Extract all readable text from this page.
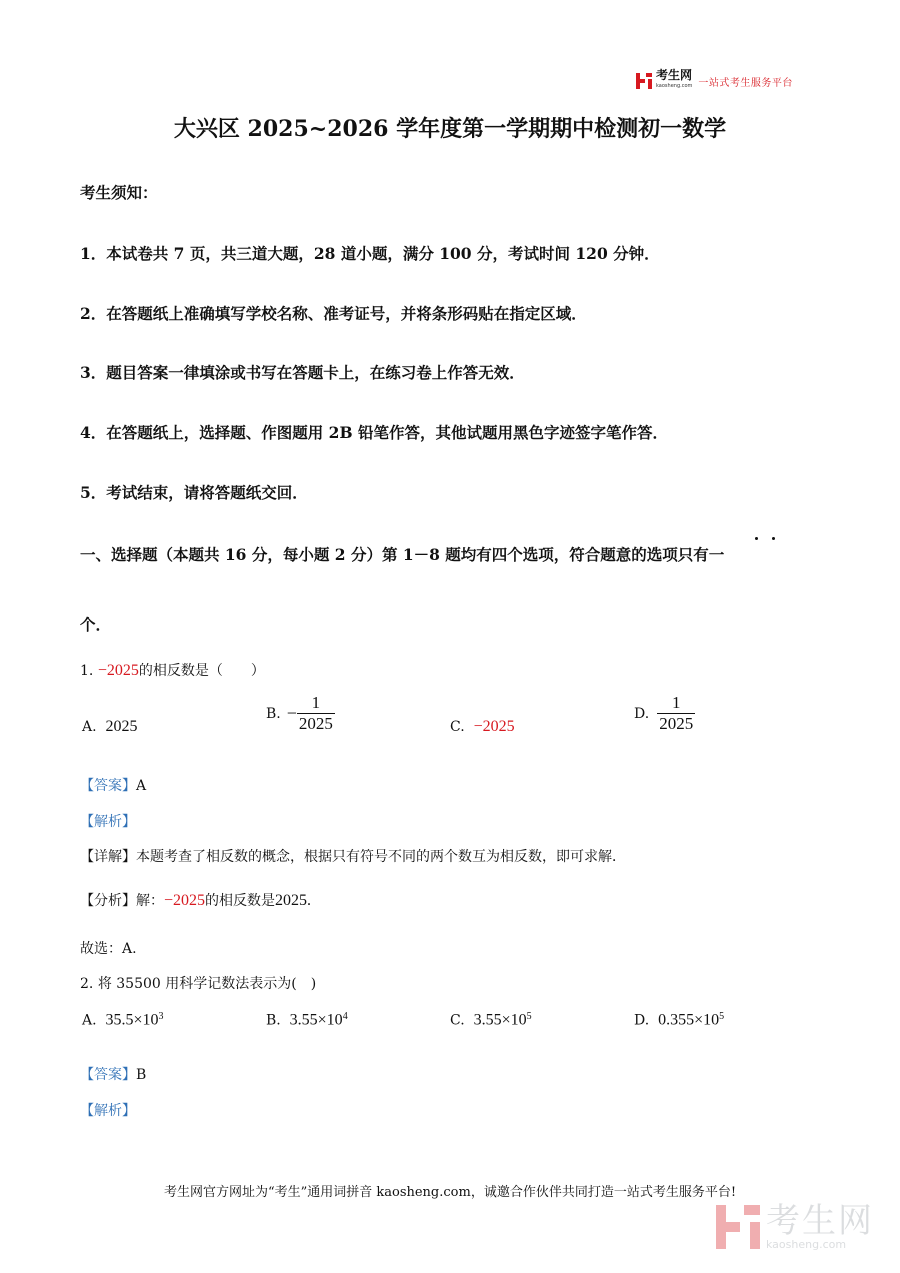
考生网
kaosheng.com 一站式考生服务平台
大兴区 2025~2026 学年度第一学期期中检测初一数学
考生须知：
1．本试卷共 7 页，共三道大题，28 道小题，满分 100 分，考试时间 120 分钟．
2．在答题纸上准确填写学校名称、准考证号，并将条形码贴在指定区域．
3．题目答案一律填涂或书写在答题卡上，在练习卷上作答无效．
4．在答题纸上，选择题、作图题用 2B 铅笔作答，其他试题用黑色字迹签字笔作答．
5．考试结束，请将答题纸交回．
一、选择题（本题共 16 分，每小题 2 分）第 1－8 题均有四个选项，符合题意的选项只有一
个．
1. −2025的相反数是（　　）
A. 2025
B. − $\frac{1}{2025}$	C. −2025
D. $\frac{1}{2025}$
【答案】A
【解析】
【详解】本题考查了相反数的概念，根据只有符号不同的两个数互为相反数，即可求解．
【分析】解：−2025的相反数是2025.
故选：A.
2. 将 35500 用科学记数法表示为(　)
A. $35.5\times 10^3$	B. $3.55\times 10^4$	C. $3.55\times 10^5$	D. $0.355\times 10^5$
【答案】B
【解析】
考生网官方网址为“考生”通用词拼音 kaosheng.com，诚邀合作伙伴共同打造一站式考生服务平台!
考生网
kaosheng.com
